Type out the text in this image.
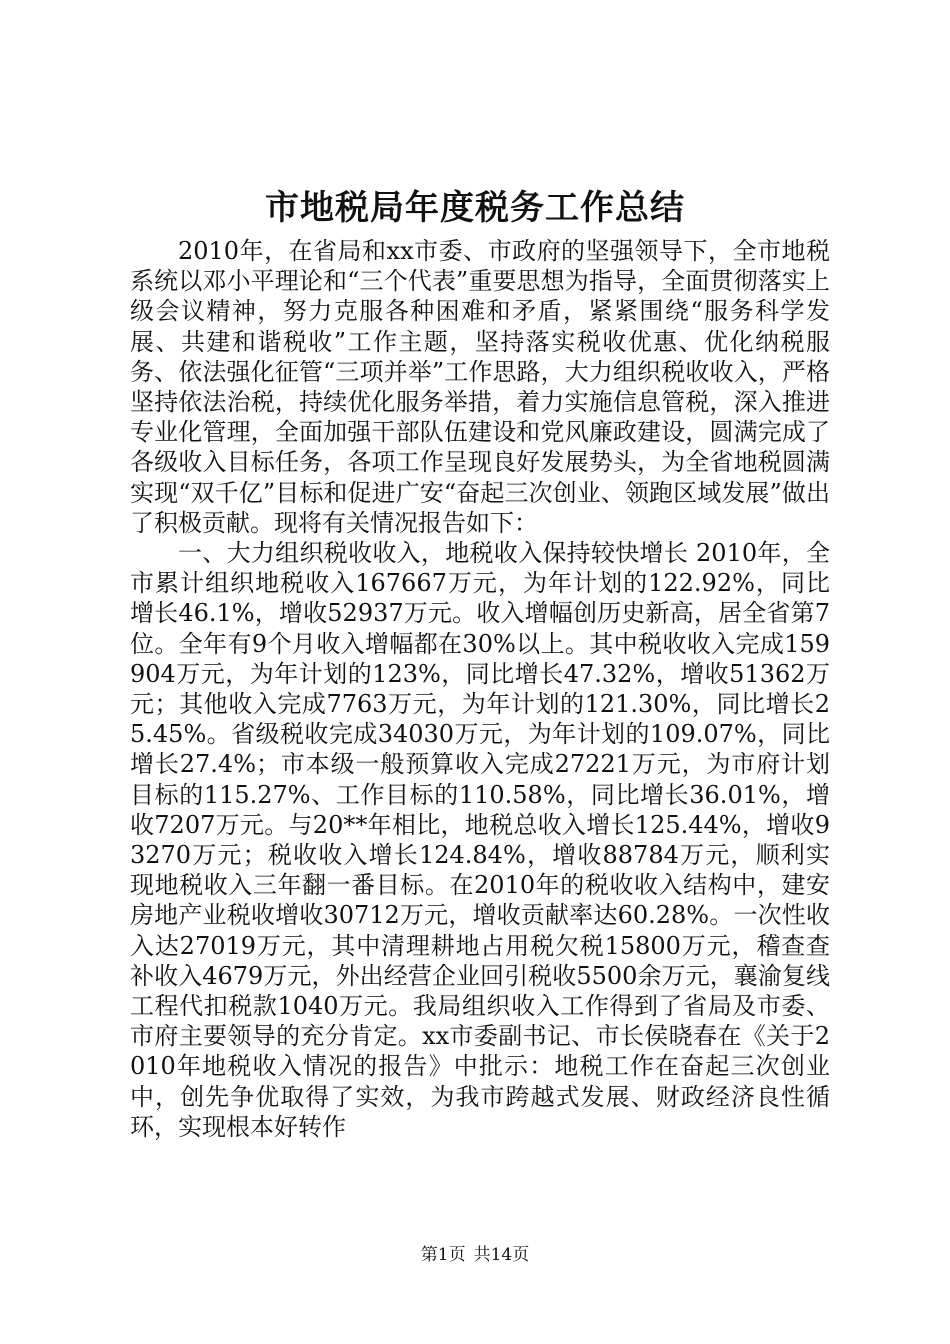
市地税局年度税务工作总结

2010年，在省局和xx市委、市政府的坚强领导下，全市地税系统以邓小平理论和“三个代表”重要思想为指导，全面贯彻落实上级会议精神，努力克服各种困难和矛盾，紧紧围绕“服务科学发展、共建和谐税收”工作主题，坚持落实税收优惠、优化纳税服务、依法强化征管“三项并举”工作思路，大力组织税收收入，严格坚持依法治税，持续优化服务举措，着力实施信息管税，深入推进专业化管理，全面加强干部队伍建设和党风廉政建设，圆满完成了各级收入目标任务，各项工作呈现良好发展势头，为全省地税圆满实现“双千亿”目标和促进广安“奋起三次创业、领跑区域发展”做出了积极贡献。现将有关情况报告如下：

一、大力组织税收收入，地税收入保持较快增长 2010年，全市累计组织地税收入167667万元，为年计划的122.92%，同比增长46.1%，增收52937万元。收入增幅创历史新高，居全省第7位。全年有9个月收入增幅都在30%以上。其中税收收入完成159904万元，为年计划的123%，同比增长47.32%，增收51362万元；其他收入完成7763万元，为年计划的121.30%，同比增长25.45%。省级税收完成34030万元，为年计划的109.07%，同比增长27.4%；市本级一般预算收入完成27221万元，为市府计划目标的115.27%、工作目标的110.58%，同比增长36.01%，增收7207万元。与20**年相比，地税总收入增长125.44%，增收93270万元；税收收入增长124.84%，增收88784万元，顺利实现地税收入三年翻一番目标。在2010年的税收收入结构中，建安房地产业税收增收30712万元，增收贡献率达60.28%。一次性收入达27019万元，其中清理耕地占用税欠税15800万元，稽查查补收入4679万元，外出经营企业回引税收5500余万元，襄渝复线工程代扣税款1040万元。我局组织收入工作得到了省局及市委、市府主要领导的充分肯定。xx市委副书记、市长侯晓春在《关于2010年地税收入情况的报告》中批示：地税工作在奋起三次创业中，创先争优取得了实效，为我市跨越式发展、财政经济良性循环，实现根本好转作

第1页 共14页
